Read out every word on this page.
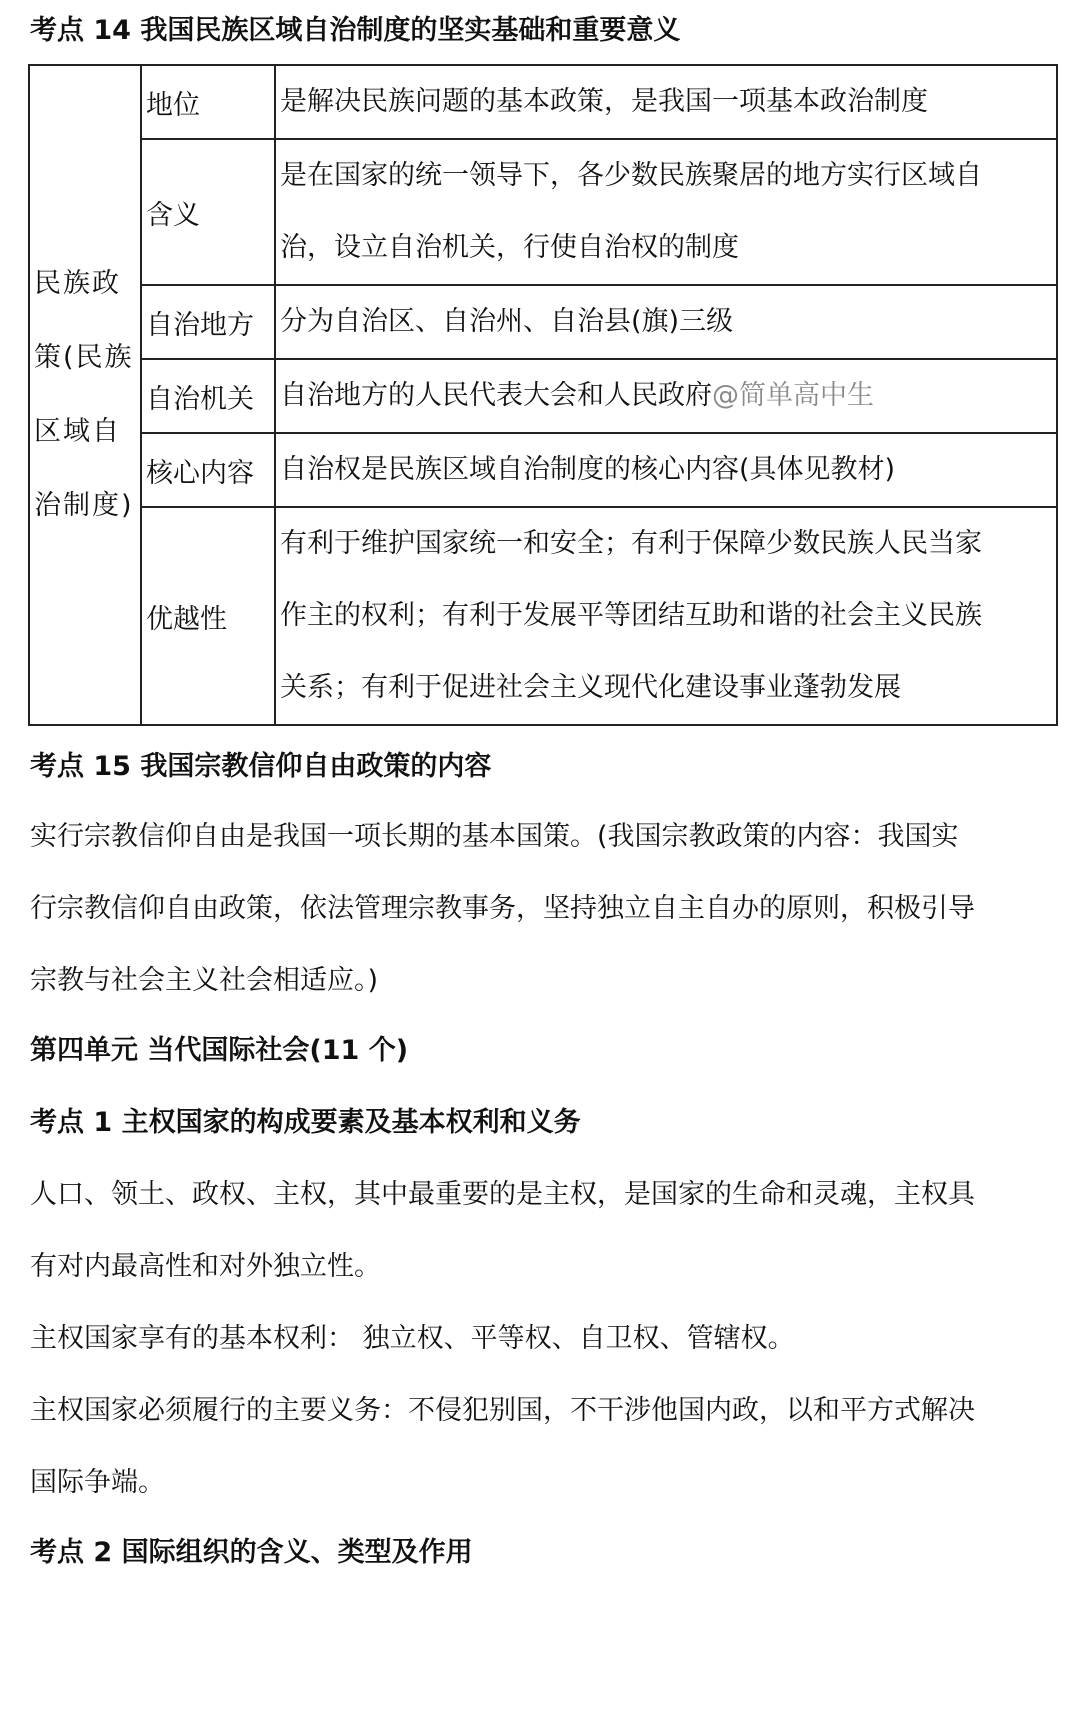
考点 14 我国民族区域自治制度的坚实基础和重要意义
民族政策(民族区域自治制度)	地位	是解决民族问题的基本政策，是我国一项基本政治制度

	含义	是在国家的统一领导下，各少数民族聚居的地方实行区域自
治，设立自治机关，行使自治权的制度

	自治地方	分为自治区、自治州、自治县(旗)三级

	自治机关	自治地方的人民代表大会和人民政府@简单高中生

	核心内容	自治权是民族区域自治制度的核心内容(具体见教材)

	优越性	有利于维护国家统一和安全；有利于保障少数民族人民当家
作主的权利；有利于发展平等团结互助和谐的社会主义民族
关系；有利于促进社会主义现代化建设事业蓬勃发展
考点 15 我国宗教信仰自由政策的内容
实行宗教信仰自由是我国一项长期的基本国策。(我国宗教政策的内容：我国实
行宗教信仰自由政策，依法管理宗教事务，坚持独立自主自办的原则，积极引导
宗教与社会主义社会相适应。)
第四单元 当代国际社会(11 个)
考点 1 主权国家的构成要素及基本权利和义务
人口、领土、政权、主权，其中最重要的是主权，是国家的生命和灵魂，主权具
有对内最高性和对外独立性。
主权国家享有的基本权利： 独立权、平等权、自卫权、管辖权。
主权国家必须履行的主要义务：不侵犯别国，不干涉他国内政，以和平方式解决
国际争端。
考点 2 国际组织的含义、类型及作用
